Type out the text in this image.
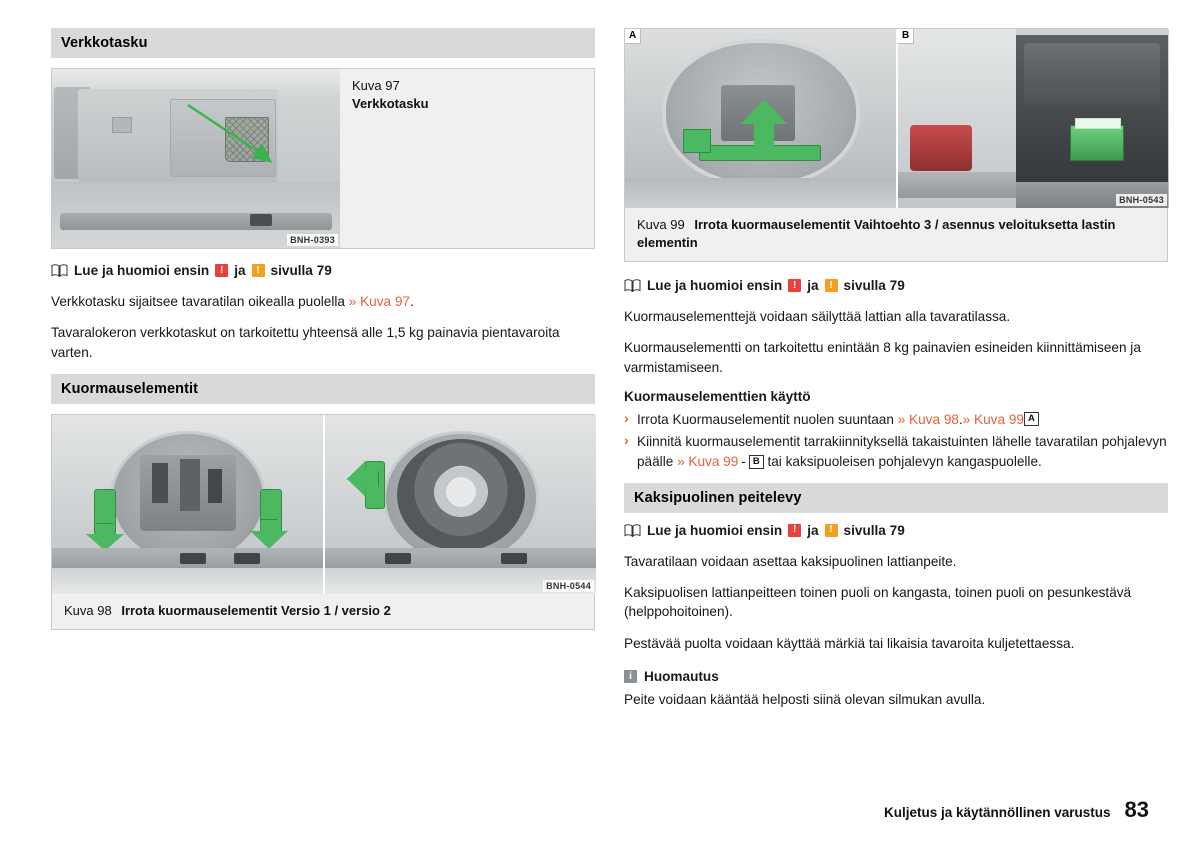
Verkkotasku
BNH-0393
Kuva 97
Verkkotasku
Lue ja huomioi ensin	! ja	! sivulla 79

Verkkotasku sijaitsee tavaratilan oikealla puolella » Kuva 97.

Tavaralokeron verkkotaskut on tarkoitettu yhteensä alle 1,5 kg painavia pientavaroita varten.

Kuormauselementit
BNH-0544
Kuva 98 Irrota kuormauselementit Versio 1 / versio 2
A	B
BNH-0543
Kuva 99 Irrota kuormauselementit Vaihtoehto 3 / asennus veloituksetta lastin elementin
Lue ja huomioi ensin	! ja	! sivulla 79

Kuormauselementtejä voidaan säilyttää lattian alla tavaratilassa.

Kuormauselementti on tarkoitettu enintään 8 kg painavien esineiden kiinnittämiseen ja varmistamiseen.

Kuormauselementtien käyttö
› Irrota Kuormauselementit nuolen suuntaan » Kuva 98.» Kuva 99 A
› Kiinnitä kuormauselementit tarrakiinnityksellä takaistuinten lähelle tavaratilan pohjalevyn päälle » Kuva 99 - B tai kaksipuoleisen pohjalevyn kangaspuolelle.
Kaksipuolinen peitelevy
Lue ja huomioi ensin	! ja	! sivulla 79

Tavaratilaan voidaan asettaa kaksipuolinen lattianpeite.

Kaksipuolisen lattianpeitteen toinen puoli on kangasta, toinen puoli on pesunkestävä (helppohoitoinen).

Pestävää puolta voidaan käyttää märkiä tai likaisia tavaroita kuljetettaessa.

i Huomautus

Peite voidaan kääntää helposti siinä olevan silmukan avulla.

Kuljetus ja käytännöllinen varustus 83
